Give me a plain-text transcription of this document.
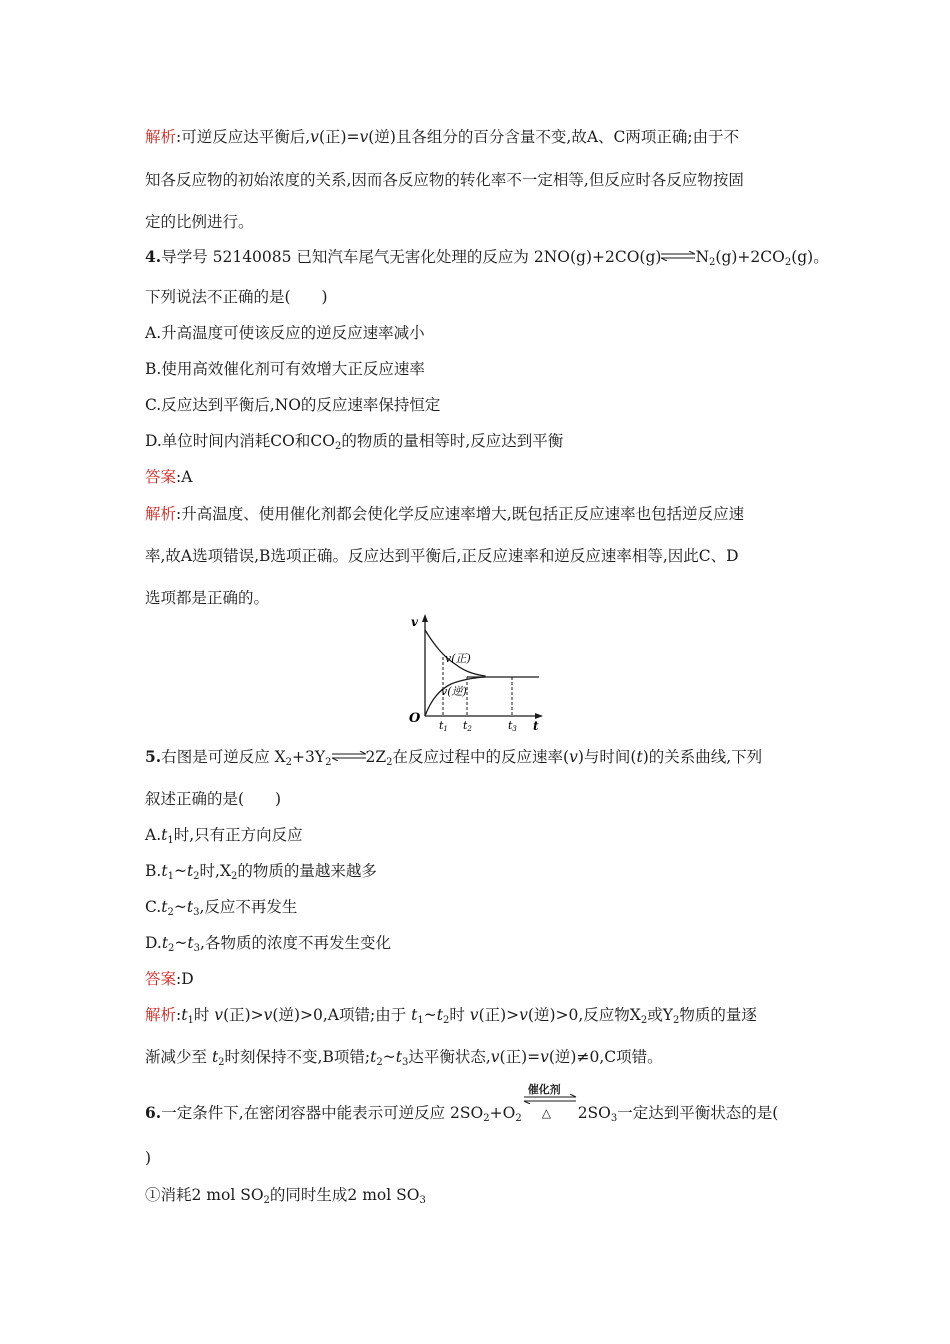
解析:可逆反应达平衡后,v(正)=v(逆)且各组分的百分含量不变,故A、C两项正确;由于不
知各反应物的初始浓度的关系,因而各反应物的转化率不一定相等,但反应时各反应物按固
定的比例进行。
4.导学号 52140085 已知汽车尾气无害化处理的反应为 $2NO(g)+2CO(g)\rightleftharpoons N_2(g)+2CO_2(g)$。
下列说法不正确的是(　　)
A.升高温度可使该反应的逆反应速率减小
B.使用高效催化剂可有效增大正反应速率
C.反应达到平衡后,NO的反应速率保持恒定
D.单位时间内消耗CO和$CO_2$的物质的量相等时,反应达到平衡
答案:A
解析:升高温度、使用催化剂都会使化学反应速率增大,既包括正反应速率也包括逆反应速
率,故A选项错误,B选项正确。反应达到平衡后,正反应速率和逆反应速率相等,因此C、D
选项都是正确的。
v
t
O
v(正)
v(逆)
t1 t2	t3
5.右图是可逆反应 $X_2+3Y_2$ $\rightleftharpoons 2Z_2$在反应过程中的反应速率(v)与时间(t)的关系曲线,下列
叙述正确的是(　　)
$A.t_1$时,只有正方向反应
$B.t_1\sim t_2$时$,X_2$的物质的量越来越多
$C.t_2\sim t_3$,反应不再发生
$D.t_2\sim t_3$,各物质的浓度不再发生变化
答案:D
解析$:t_1$时 v(正)>v(逆)>0,A项错;由于 $t_1\sim t_2$时 v(正)>v(逆)>0,反应物$X_2$或$Y_2$物质的量逐
渐减少至 $t_2$时刻保持不变,B项错$;t_2\sim t_3$达平衡状态,v(正)=v(逆)≠0,C项错。
6.一定条件下,在密闭容器中能表示可逆反应 $2SO_2+O_2$
催化剂
△ $2SO_3$一定达到平衡状态的是(
)
①消耗2 mol $SO_2$的同时生成2 mol $SO_3$
